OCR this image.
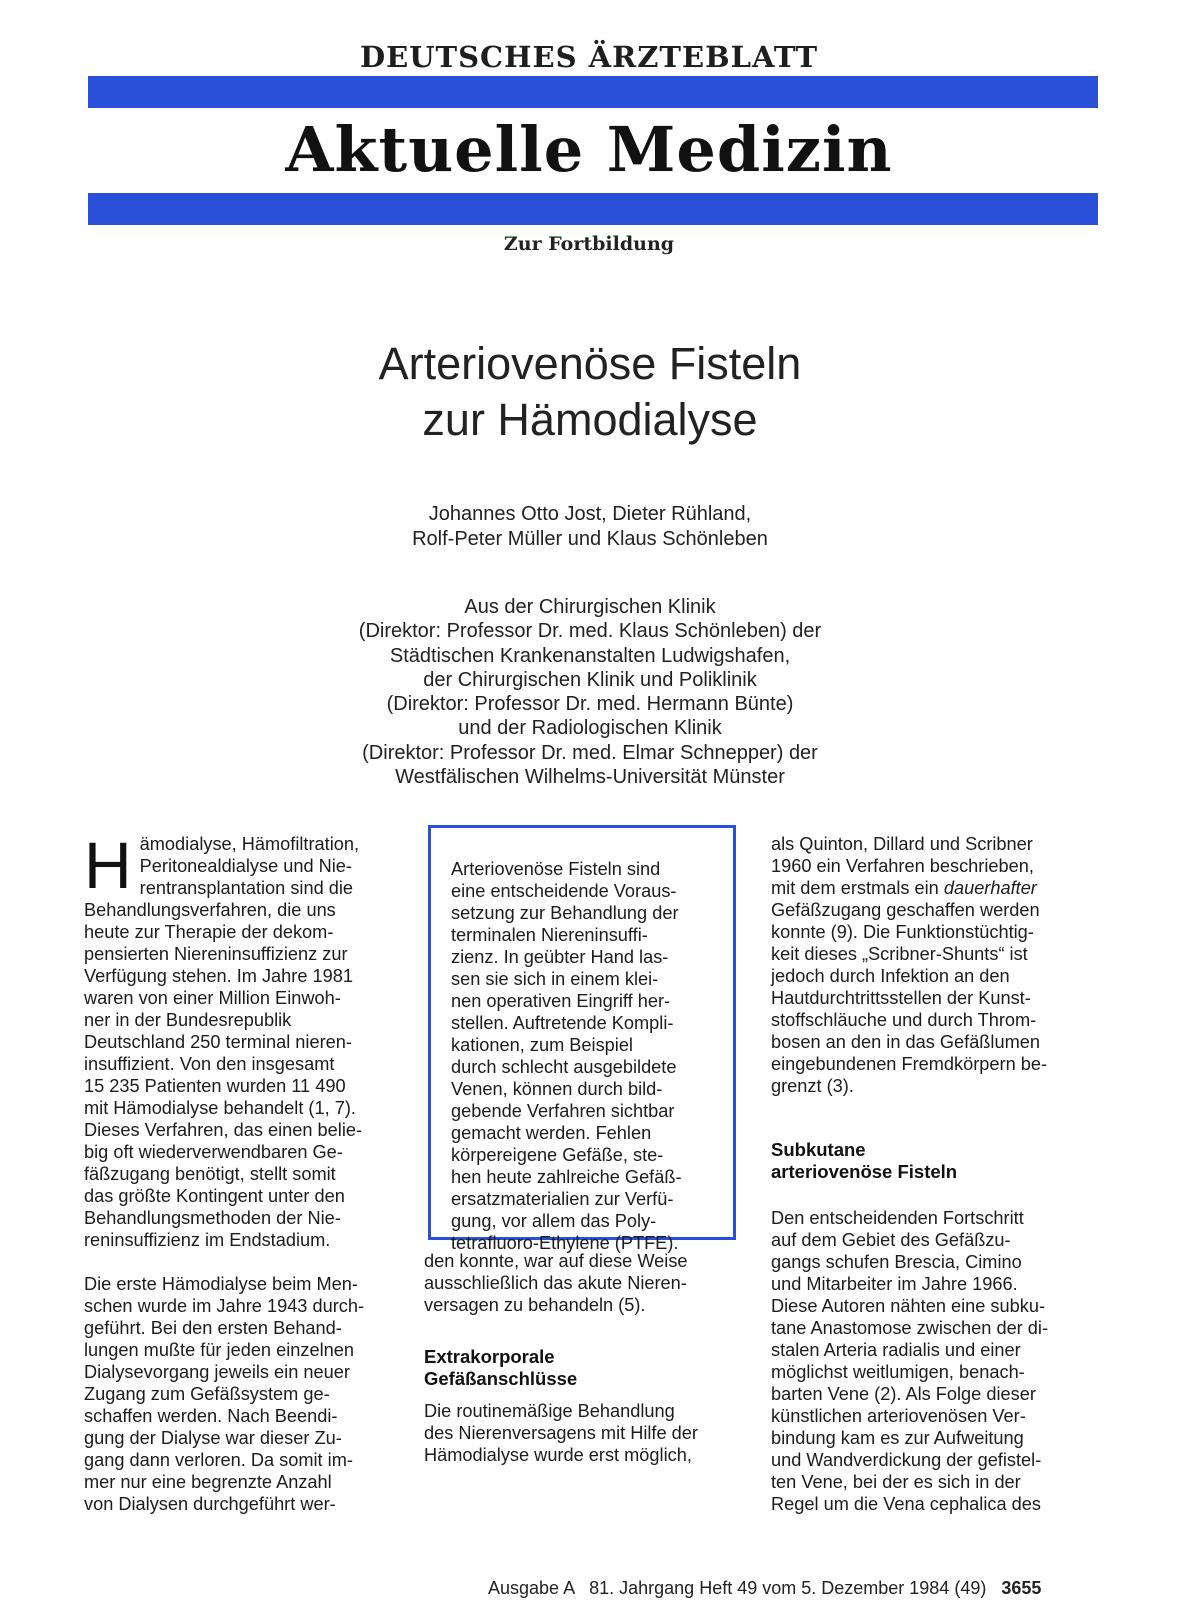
DEUTSCHES ÄRZTEBLATT
Aktuelle Medizin
Zur Fortbildung
Arteriovenöse Fisteln
zur Hämodialyse
Johannes Otto Jost, Dieter Rühland,
Rolf-Peter Müller und Klaus Schönleben
Aus der Chirurgischen Klinik
(Direktor: Professor Dr. med. Klaus Schönleben) der
Städtischen Krankenanstalten Ludwigshafen,
der Chirurgischen Klinik und Poliklinik
(Direktor: Professor Dr. med. Hermann Bünte)
und der Radiologischen Klinik
(Direktor: Professor Dr. med. Elmar Schnepper) der
Westfälischen Wilhelms-Universität Münster

H ämodialyse, Hämofiltration,
Peritonealdialyse und Nie-
rentransplantation sind die
Behandlungsverfahren, die uns
heute zur Therapie der dekom-
pensierten Niereninsuffizienz zur
Verfügung stehen. Im Jahre 1981
waren von einer Million Einwoh-
ner in der Bundesrepublik
Deutschland 250 terminal nieren-
insuffizient. Von den insgesamt
15 235 Patienten wurden 11 490
mit Hämodialyse behandelt (1, 7).
Dieses Verfahren, das einen belie-
big oft wiederverwendbaren Ge-
fäßzugang benötigt, stellt somit
das größte Kontingent unter den
Behandlungsmethoden der Nie-
reninsuffizienz im Endstadium.

Die erste Hämodialyse beim Men-
schen wurde im Jahre 1943 durch-
geführt. Bei den ersten Behand-
lungen mußte für jeden einzelnen
Dialysevorgang jeweils ein neuer
Zugang zum Gefäßsystem ge-
schaffen werden. Nach Beendi-
gung der Dialyse war dieser Zu-
gang dann verloren. Da somit im-
mer nur eine begrenzte Anzahl
von Dialysen durchgeführt wer-

Arteriovenöse Fisteln sind
eine entscheidende Voraus-
setzung zur Behandlung der
terminalen Niereninsuffi-
zienz. In geübter Hand las-
sen sie sich in einem klei-
nen operativen Eingriff her-
stellen. Auftretende Kompli-
kationen, zum Beispiel
durch schlecht ausgebildete
Venen, können durch bild-
gebende Verfahren sichtbar
gemacht werden. Fehlen
körpereigene Gefäße, ste-
hen heute zahlreiche Gefäß-
ersatzmaterialien zur Verfü-
gung, vor allem das Poly-
tetrafluoro-Ethylene (PTFE).

den konnte, war auf diese Weise
ausschließlich das akute Nieren-
versagen zu behandeln (5).

Extrakorporale
Gefäßanschlüsse

Die routinemäßige Behandlung
des Nierenversagens mit Hilfe der
Hämodialyse wurde erst möglich,

als Quinton, Dillard und Scribner
1960 ein Verfahren beschrieben,
mit dem erstmals ein dauerhafter
Gefäßzugang geschaffen werden
konnte (9). Die Funktionstüchtig-
keit dieses „Scribner-Shunts“ ist
jedoch durch Infektion an den
Hautdurchtrittsstellen der Kunst-
stoffschläuche und durch Throm-
bosen an den in das Gefäßlumen
eingebundenen Fremdkörpern be-
grenzt (3).

Subkutane
arteriovenöse Fisteln

Den entscheidenden Fortschritt
auf dem Gebiet des Gefäßzu-
gangs schufen Brescia, Cimino
und Mitarbeiter im Jahre 1966.
Diese Autoren nähten eine subku-
tane Anastomose zwischen der di-
stalen Arteria radialis und einer
möglichst weitlumigen, benach-
barten Vene (2). Als Folge dieser
künstlichen arteriovenösen Ver-
bindung kam es zur Aufweitung
und Wandverdickung der gefistel-
ten Vene, bei der es sich in der
Regel um die Vena cephalica des

Ausgabe A 81. Jahrgang Heft 49 vom 5. Dezember 1984 (49) 3655
